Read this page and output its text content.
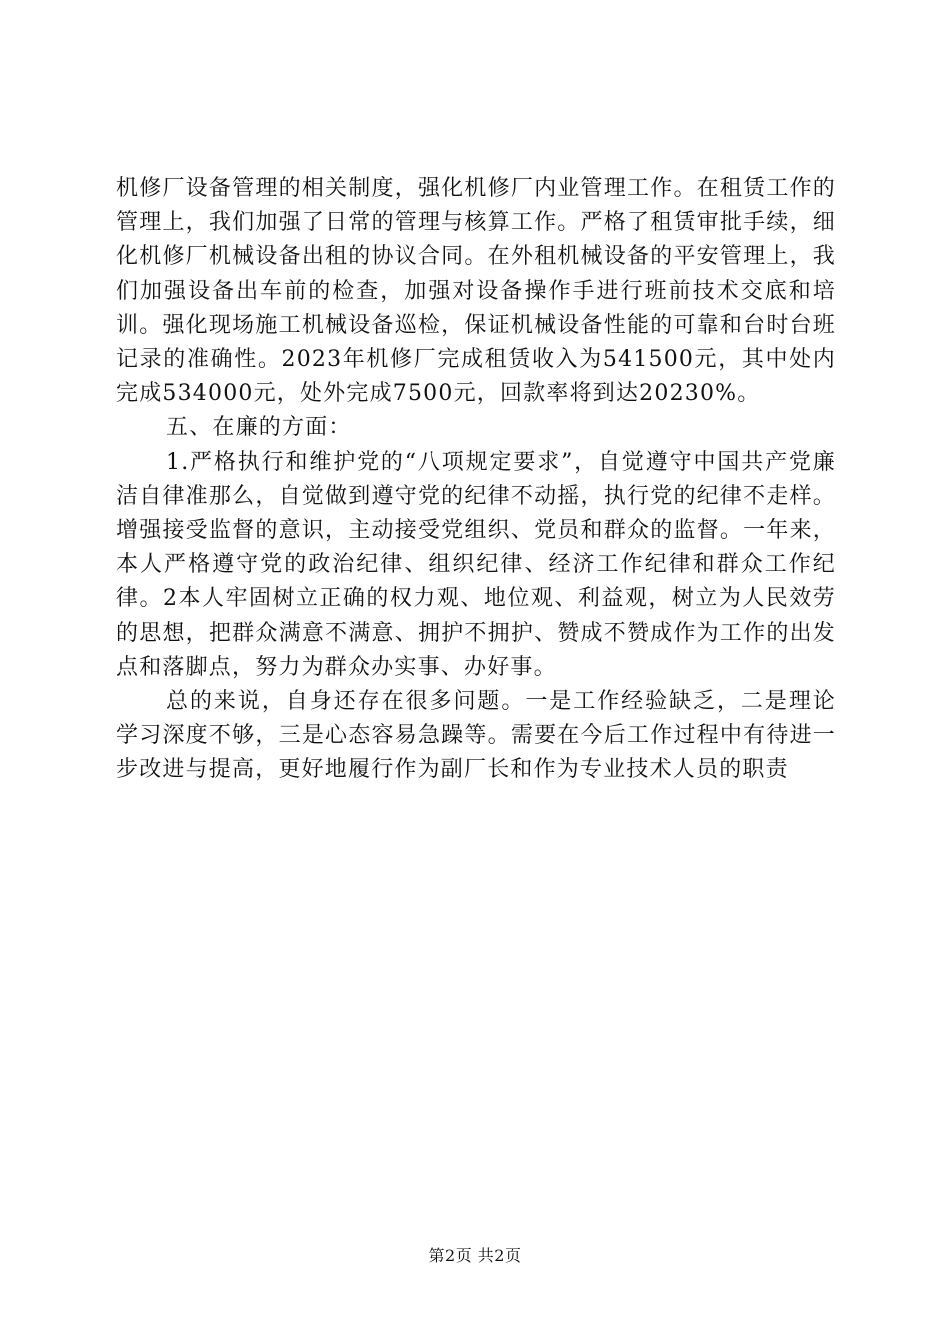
机修厂设备管理的相关制度，强化机修厂内业管理工作。在租赁工作的管理上，我们加强了日常的管理与核算工作。严格了租赁审批手续，细化机修厂机械设备出租的协议合同。在外租机械设备的平安管理上，我们加强设备出车前的检查，加强对设备操作手进行班前技术交底和培训。强化现场施工机械设备巡检，保证机械设备性能的可靠和台时台班记录的准确性。2023年机修厂完成租赁收入为541500元，其中处内完成534000元，处外完成7500元，回款率将到达20230%。

五、在廉的方面：

1.严格执行和维护党的“八项规定要求”，自觉遵守中国共产党廉洁自律准那么，自觉做到遵守党的纪律不动摇，执行党的纪律不走样。增强接受监督的意识，主动接受党组织、党员和群众的监督。一年来，本人严格遵守党的政治纪律、组织纪律、经济工作纪律和群众工作纪律。2本人牢固树立正确的权力观、地位观、利益观，树立为人民效劳的思想，把群众满意不满意、拥护不拥护、赞成不赞成作为工作的出发点和落脚点，努力为群众办实事、办好事。

总的来说，自身还存在很多问题。一是工作经验缺乏，二是理论学习深度不够，三是心态容易急躁等。需要在今后工作过程中有待进一步改进与提高，更好地履行作为副厂长和作为专业技术人员的职责

第2页 共2页
